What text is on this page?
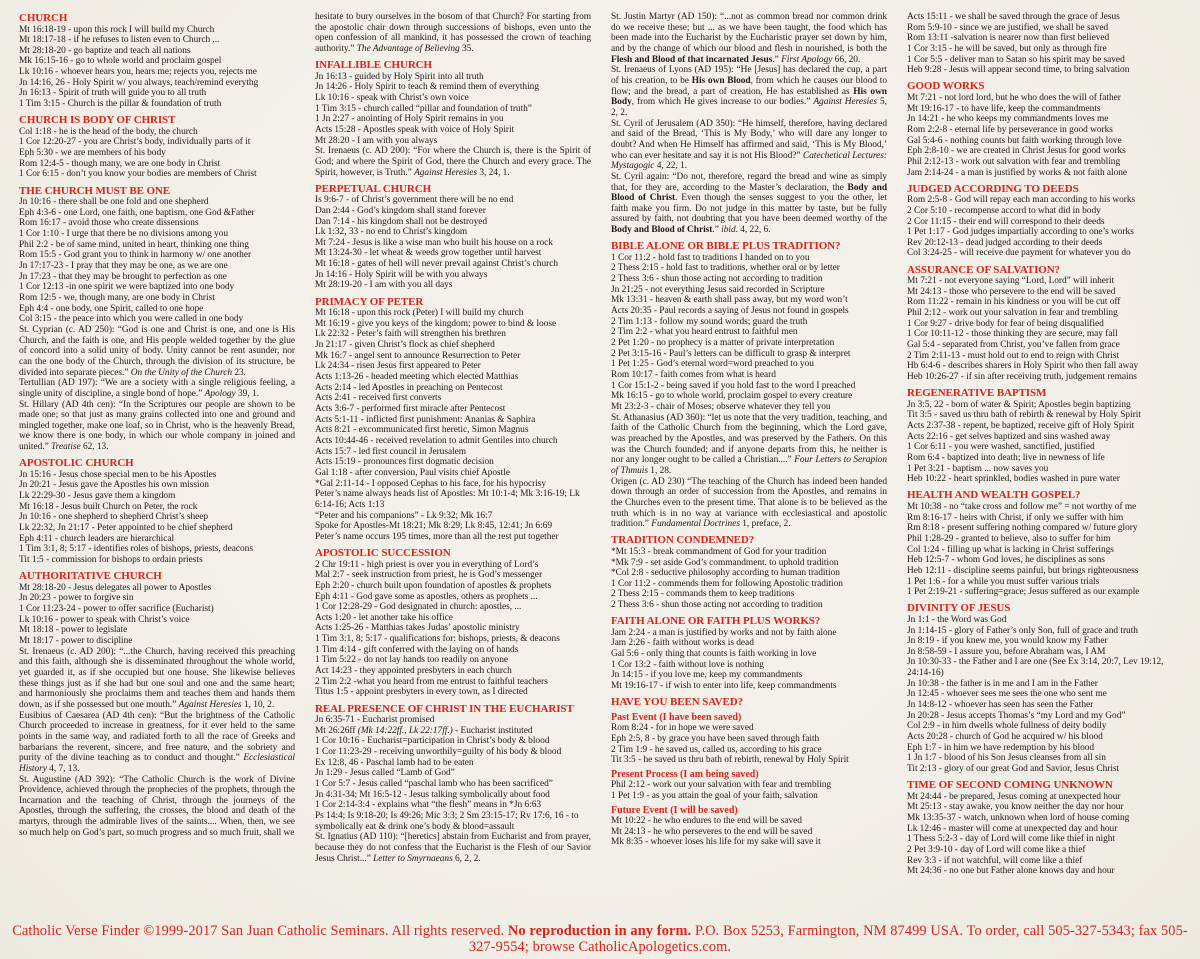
CHURCH
Mt 16:18-19 - upon this rock I will build my Church
Mt 18:17-18 - if he refuses to listen even to Church ...
Mt 28:18-20 - go baptize and teach all nations
Mk 16:15-16 - go to whole world and proclaim gospel
Lk 10:16 - whoever hears you, hears me; rejects you, rejects me
Jn 14:16, 26 - Holy Spirit w/ you always, teach/remind everythg
Jn 16:13 - Spirit of truth will guide you to all truth
1 Tim 3:15 - Church is the pillar & foundation of truth
CHURCH IS BODY OF CHRIST
Col 1:18 - he is the head of the body, the church
1 Cor 12:20-27 - you are Christ’s body, individually parts of it
Eph 5:30 - we are members of his body
Rom 12:4-5 - though many, we are one body in Christ
1 Cor 6:15 - don’t you know your bodies are members of Christ
THE CHURCH MUST BE ONE
Jn 10:16 - there shall be one fold and one shepherd
Eph 4:3-6 - one Lord, one faith, one baptism, one God &Father
Rom 16:17 - avoid those who create dissensions
1 Cor 1:10 - I urge that there be no divisions among you
Phil 2:2 - be of same mind, united in heart, thinking one thing
Rom 15:5 - God grant you to think in harmony w/ one another
Jn 17:17-23 - I pray that they may be one, as we are one
Jn 17:23 - that they may be brought to perfection as one
1 Cor 12:13 -in one spirit we were baptized into one body
Rom 12:5 - we, though many, are one body in Christ
Eph 4:4 - one body, one Spirit, called to one hope
Col 3:15 - the peace into which you were called in one body
St. Cyprian (c. AD 250): “God is one and Christ is one, and one is His Church, and the faith is one, and His people welded together by the glue of concord into a solid unity of body. Unity cannot be rent asunder, nor can the one body of the Church, through the division of its structure, be divided into separate pieces.” On the Unity of the Church 23.
Tertullian (AD 197): “We are a society with a single religious feeling, a single unity of discipline, a single bond of hope.” Apology 39, 1.
St. Hillary (AD 4th cen): “In the Scriptures our people are shown to be made one; so that just as many grains collected into one and ground and mingled together, make one loaf, so in Christ, who is the heavenly Bread, we know there is one body, in which our whole company in joined and united.” Treatise 62, 13.
APOSTOLIC CHURCH
Jn 15:16 - Jesus chose special men to be his Apostles
Jn 20:21 - Jesus gave the Apostles his own mission
Lk 22:29-30 - Jesus gave them a kingdom
Mt 16:18 - Jesus built Church on Peter, the rock
Jn 10:16 - one shepherd to shepherd Christ’s sheep
Lk 22:32, Jn 21:17 - Peter appointed to be chief shepherd
Eph 4:11 - church leaders are hierarchical
1 Tim 3:1, 8; 5:17 - identifies roles of bishops, priests, deacons
Tit 1:5 - commission for bishops to ordain priests
AUTHORITATIVE CHURCH
Mt 28:18-20 - Jesus delegates all power to Apostles
Jn 20:23 - power to forgive sin
1 Cor 11:23-24 - power to offer sacrifice (Eucharist)
Lk 10:16 - power to speak with Christ’s voice
Mt 18:18 - power to legislate
Mt 18:17 - power to discipline
St. Irenaeus (c. AD 200): “...the Church, having received this preaching and this faith, although she is disseminated throughout the whole world, yet guarded it, as if she occupied but one house. She likewise believes these things just as if she had but one soul and one and the same heart; and harmoniously she proclaims them and teaches them and hands them down, as if she possessed but one mouth.” Against Heresies 1, 10, 2.
Eusibius of Caesarea (AD 4th cen): “But the brightness of the Catholic Church proceeded to increase in greatness, for it ever held to the same points in the same way, and radiated forth to all the race of Greeks and barbarians the reverent, sincere, and free nature, and the sobriety and purity of the divine teaching as to conduct and thought.” Ecclesiastical History 4, 7, 13.
St. Augustine (AD 392): “The Catholic Church is the work of Divine Providence, achieved through the prophecies of the prophets, through the Incarnation and the teaching of Christ, through the journeys of the Apostles, through the suffering, the crosses, the blood and death of the martyrs, through the admirable lives of the saints.... When, then, we see so much help on God’s part, so much progress and so much fruit, shall we
hesitate to bury ourselves in the bosom of that Church? For starting from the apostolic chair down through successions of bishops, even unto the open confession of all mankind, it has possessed the crown of teaching authority.” The Advantage of Believing 35.
INFALLIBLE CHURCH
Jn 16:13 - guided by Holy Spirit into all truth
Jn 14:26 - Holy Spirit to teach & remind them of everything
Lk 10:16 - speak with Christ’s own voice
1 Tim 3:15 - church called “pillar and foundation of truth”
1 Jn 2:27 - anointing of Holy Spirit remains in you
Acts 15:28 - Apostles speak with voice of Holy Spirit
Mt 28:20 - I am with you always
St. Irenaeus (c. AD 200): “For where the Church is, there is the Spirit of God; and where the Spirit of God, there the Church and every grace. The Spirit, however, is Truth.” Against Heresies 3, 24, 1.
PERPETUAL CHURCH
Is 9:6-7 - of Christ’s government there will be no end
Dan 2:44 - God’s kingdom shall stand forever
Dan 7:14 - his kingdom shall not be destroyed
Lk 1:32, 33 - no end to Christ’s kingdom
Mt 7:24 - Jesus is like a wise man who built his house on a rock
Mt 13:24-30 - let wheat & weeds grow together until harvest
Mt 16:18 - gates of hell will never prevail against Christ’s church
Jn 14:16 - Holy Spirit will be with you always
Mt 28:19-20 - I am with you all days
PRIMACY OF PETER
Mt 16:18 - upon this rock (Peter) I will build my church
Mt 16:19 - give you keys of the kingdom; power to bind & loose
Lk 22:32 - Peter’s faith will strengthen his brethren
Jn 21:17 - given Christ’s flock as chief shepherd
Mk 16:7 - angel sent to announce Resurrection to Peter
Lk 24:34 - risen Jesus first appeared to Peter
Acts 1:13-26 - headed meeting which elected Matthias
Acts 2:14 - led Apostles in preaching on Pentecost
Acts 2:41 - received first converts
Acts 3:6-7 - performed first miracle after Pentecost
Acts 5:1-11 - inflicted first punishment: Ananias & Saphira
Acts 8:21 - excommunicated first heretic, Simon Magnus
Acts 10:44-46 - received revelation to admit Gentiles into church
Acts 15:7 - led first council in Jerusalem
Acts 15:19 - pronounces first dogmatic decision
Gal 1:18 - after conversion, Paul visits chief Apostle
*Gal 2:11-14 - I opposed Cephas to his face, for his hypocrisy
Peter’s name always heads list of Apostles: Mt 10:1-4; Mk 3:16-19; Lk 6:14-16; Acts 1:13
“Peter and his companions” - Lk 9:32; Mk 16:7
Spoke for Apostles-Mt 18:21; Mk 8:29; Lk 8:45, 12:41; Jn 6:69
Peter’s name occurs 195 times, more than all the rest put together
APOSTOLIC SUCCESSION
2 Chr 19:11 - high priest is over you in everything of Lord’s
Mal 2:7 - seek instruction from priest, he is God’s messenger
Eph 2:20 - church built upon foundation of apostles & prophets
Eph 4:11 - God gave some as apostles, others as prophets ...
1 Cor 12:28-29 - God designated in church: apostles, ...
Acts 1:20 - let another take his office
Acts 1:25-26 - Matthias takes Judas’ apostolic ministry
1 Tim 3:1, 8; 5:17 - qualifications for: bishops, priests, & deacons
1 Tim 4:14 - gift conferred with the laying on of hands
1 Tim 5:22 - do not lay hands too readily on anyone
Act 14:23 - they appointed presbyters in each church
2 Tim 2:2 -what you heard from me entrust to faithful teachers
Titus 1:5 - appoint presbyters in every town, as I directed
REAL PRESENCE OF CHRIST IN THE EUCHARIST
Jn 6:35-71 - Eucharist promised
Mt 26:26ff (Mk 14:22ff., Lk 22:17ff.) - Eucharist instituted
1 Cor 10:16 - Eucharist=participation in Christ’s body & blood
1 Cor 11:23-29 - receiving unworthily=guilty of his body & blood
Ex 12:8, 46 - Paschal lamb had to be eaten
Jn 1:29 - Jesus called “Lamb of God”
1 Cor 5:7 - Jesus called “paschal lamb who has been sacrificed”
Jn 4:31-34; Mt 16:5-12 - Jesus talking symbolically about food
1 Cor 2:14-3:4 - explains what “the flesh” means in *Jn 6:63
Ps 14:4; Is 9:18-20; Is 49:26; Mic 3:3; 2 Sm 23:15-17; Rv 17:6, 16 - to symbolically eat & drink one’s body & blood=assault
St. Ignatius (AD 110): “[heretics] abstain from Eucharist and from prayer, because they do not confess that the Eucharist is the Flesh of our Savior Jesus Christ...” Letter to Smyrnaeans 6, 2, 2.
St. Justin Martyr (AD 150): “...not as common bread nor common drink do we receive these; but ... as we have been taught, the food which has been made into the Eucharist by the Eucharistic prayer set down by him, and by the change of which our blood and flesh in nourished, is both the Flesh and Blood of that incarnated Jesus.” First Apology 66, 20.
St. Irenaeus of Lyons (AD 195): “He [Jesus] has declared the cup, a part of his creation, to be His own Blood, from which he causes our blood to flow; and the bread, a part of creation, He has established as His own Body, from which He gives increase to our bodies.” Against Heresies 5, 2, 2.
St. Cyril of Jerusalem (AD 350): “He himself, therefore, having declared and said of the Bread, ‘This is My Body,’ who will dare any longer to doubt? And when He Himself has affirmed and said, ‘This is My Blood,’ who can ever hesitate and say it is not His Blood?” Catechetical Lectures: Mystagogic 4, 22, 1.
St. Cyril again: “Do not, therefore, regard the bread and wine as simply that, for they are, according to the Master’s declaration, the Body and Blood of Christ. Even though the senses suggest to you the other, let faith make you firm. Do not judge in this matter by taste, but be fully assured by faith, not doubting that you have been deemed worthy of the Body and Blood of Christ.” ibid. 4, 22, 6.
BIBLE ALONE OR BIBLE PLUS TRADITION?
1 Cor 11:2 - hold fast to traditions I handed on to you
2 Thess 2:15 - hold fast to traditions, whether oral or by letter
2 Thess 3:6 - shun those acting not according to tradition
Jn 21:25 - not everything Jesus said recorded in Scripture
Mk 13:31 - heaven & earth shall pass away, but my word won’t
Acts 20:35 - Paul records a saying of Jesus not found in gospels
2 Tim 1:13 - follow my sound words; guard the truth
2 Tim 2:2 - what you heard entrust to faithful men
2 Pet 1:20 - no prophecy is a matter of private interpretation
2 Pet 3:15-16 - Paul’s letters can be difficult to grasp & interpret
1 Pet 1:25 - God’s eternal word=word preached to you
Rom 10:17 - faith comes from what is heard
1 Cor 15:1-2 - being saved if you hold fast to the word I preached
Mk 16:15 - go to whole world, proclaim gospel to every creature
Mt 23:2-3 - chair of Moses; observe whatever they tell you
St. Athanasius (AD 360): “let us note that the very tradition, teaching, and faith of the Catholic Church from the beginning, which the Lord gave, was preached by the Apostles, and was preserved by the Fathers. On this was the Church founded; and if anyone departs from this, he neither is nor any longer ought to be called a Christian....” Four Letters to Serapion of Thmuis 1, 28.
Origen (c. AD 230) “The teaching of the Church has indeed been handed down through an order of succession from the Apostles, and remains in the Churches even to the present time. That alone is to be believed as the truth which is in no way at variance with ecclesiastical and apostolic tradition.” Fundamental Doctrines 1, preface, 2.
TRADITION CONDEMNED?
*Mt 15:3 - break commandment of God for your tradition
*Mk 7:9 - set aside God’s commandment. to uphold tradition
*Col 2:8 - seductive philosophy according to human tradition
1 Cor 11:2 - commends them for following Apostolic tradition
2 Thess 2:15 - commands them to keep traditions
2 Thess 3:6 - shun those acting not according to tradition
FAITH ALONE OR FAITH PLUS WORKS?
Jam 2:24 - a man is justified by works and not by faith alone
Jam 2:26 - faith without works is dead
Gal 5:6 - only thing that counts is faith working in love
1 Cor 13:2 - faith without love is nothing
Jn 14:15 - if you love me, keep my commandments
Mt 19:16-17 - if wish to enter into life, keep commandments
HAVE YOU BEEN SAVED?
Past Event (I have been saved)
Rom 8:24 - for in hope we were saved
Eph 2:5, 8 - by grace you have been saved through faith
2 Tim 1:9 - he saved us, called us, according to his grace
Tit 3:5 - he saved us thru bath of rebirth, renewal by Holy Spirit
Present Process (I am being saved)
Phil 2:12 - work out your salvation with fear and trembling
1 Pet 1:9 - as you attain the goal of your faith, salvation
Future Event (I will be saved)
Mt 10:22 - he who endures to the end will be saved
Mt 24:13 - he who perseveres to the end will be saved
Mk 8:35 - whoever loses his life for my sake will save it
Acts 15:11 - we shall be saved through the grace of Jesus
Rom 5:9-10 - since we are justified, we shall be saved
Rom 13:11 -salvation is nearer now than first believed
1 Cor 3:15 - he will be saved, but only as through fire
1 Cor 5:5 - deliver man to Satan so his spirit may be saved
Heb 9:28 - Jesus will appear second time, to bring salvation
GOOD WORKS
Mt 7:21 - not lord lord, but he who does the will of father
Mt 19:16-17 - to have life, keep the commandments
Jn 14:21 - he who keeps my commandments loves me
Rom 2:2-8 - eternal life by perseverance in good works
Gal 5:4-6 - nothing counts but faith working through love
Eph 2:8-10 - we are created in Christ Jesus for good works
Phil 2:12-13 - work out salvation with fear and trembling
Jam 2:14-24 - a man is justified by works & not faith alone
JUDGED ACCORDING TO DEEDS
Rom 2:5-8 - God will repay each man according to his works
2 Cor 5:10 - recompense accord to what did in body
2 Cor 11:15 - their end will correspond to their deeds
1 Pet 1:17 - God judges impartially according to one’s works
Rev 20:12-13 - dead judged according to their deeds
Col 3:24-25 - will receive due payment for whatever you do
ASSURANCE OF SALVATION?
Mt 7:21 - not everyone saying “Lord, Lord” will inherit
Mt 24:13 - those who persevere to the end will be saved
Rom 11:22 - remain in his kindness or you will be cut off
Phil 2:12 - work out your salvation in fear and trembling
1 Cor 9:27 - drive body for fear of being disqualified
1 Cor 10:11-12 - those thinking they are secure, may fall
Gal 5:4 - separated from Christ, you’ve fallen from grace
2 Tim 2:11-13 - must hold out to end to reign with Christ
Hb 6:4-6 - describes sharers in Holy Spirit who then fall away
Heb 10:26-27 - if sin after receiving truth, judgement remains
REGENERATIVE BAPTISM
Jn 3:5, 22 - born of water & Spirit; Apostles begin baptizing
Tit 3:5 - saved us thru bath of rebirth & renewal by Holy Spirit
Acts 2:37-38 - repent, be baptized, receive gift of Holy Spirit
Acts 22:16 - get selves baptized and sins washed away
1 Cor 6:11 - you were washed, sanctified, justified
Rom 6:4 - baptized into death; live in newness of life
1 Pet 3:21 - baptism ... now saves you
Heb 10:22 - heart sprinkled, bodies washed in pure water
HEALTH AND WEALTH GOSPEL?
Mt 10:38 - no “take cross and follow me” = not worthy of me
Rm 8:16-17 - heirs with Christ, if only we suffer with him
Rm 8:18 - present suffering nothing compared w/ future glory
Phil 1:28-29 - granted to believe, also to suffer for him
Col 1:24 - filling up what is lacking in Christ sufferings
Heb 12:5-7 - whom God loves, he disciplines as sons
Heb 12:11 - discipline seems painful, but brings righteousness
1 Pet 1:6 - for a while you must suffer various trials
1 Pet 2:19-21 - suffering=grace; Jesus suffered as our example
DIVINITY OF JESUS
Jn 1:1 - the Word was God
Jn 1:14-15 - glory of Father’s only Son, full of grace and truth
Jn 8:19 - if you knew me, you would know my Father
Jn 8:58-59 - I assure you, before Abraham was, I AM
Jn 10:30-33 - the Father and I are one (See Ex 3:14, 20:7, Lev 19:12, 24:14-16)
Jn 10:38 - the father is in me and I am in the Father
Jn 12:45 - whoever sees me sees the one who sent me
Jn 14:8-12 - whoever has seen has seen the Father
Jn 20:28 - Jesus accepts Thomas’s “my Lord and my God”
Col 2:9 - in him dwells whole fullness of deity bodily
Acts 20:28 - church of God he acquired w/ his blood
Eph 1:7 - in him we have redemption by his blood
1 Jn 1:7 - blood of his Son Jesus cleanses from all sin
Tit 2:13 - glory of our great God and Savior, Jesus Christ
TIME OF SECOND COMING UNKNOWN
Mt 24:44 - be prepared, Jesus coming at unexpected hour
Mt 25:13 - stay awake, you know neither the day nor hour
Mk 13:35-37 - watch, unknown when lord of house coming
Lk 12:46 - master will come at unexpected day and hour
1 Thess 5:2-3 - day of Lord will come like thief in night
2 Pet 3:9-10 - day of Lord will come like a thief
Rev 3:3 - if not watchful, will come like a thief
Mt 24:36 - no one but Father alone knows day and hour
Catholic Verse Finder ©1999-2017 San Juan Catholic Seminars. All rights reserved. No reproduction in any form. P.O. Box 5253, Farmington, NM 87499 USA. To order, call 505-327-5343; fax 505-327-9554; browse CatholicApologetics.com.
